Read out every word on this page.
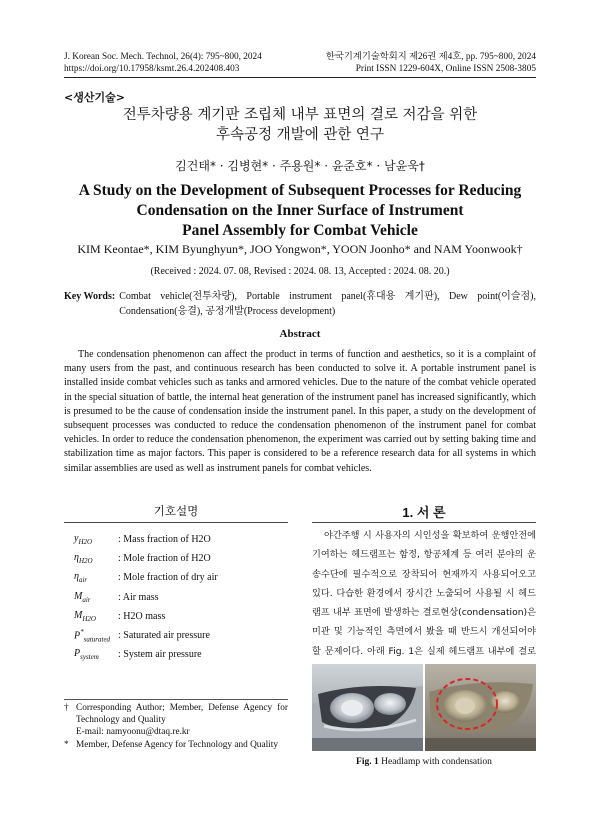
J. Korean Soc. Mech. Technol, 26(4): 795~800, 2024
https://doi.org/10.17958/ksmt.26.4.202408.403
한국기계기술학회지 제26권 제4호, pp. 795~800, 2024
Print ISSN 1229-604X, Online ISSN 2508-3805
<생산기술>
전투차량용 계기판 조립체 내부 표면의 결로 저감을 위한
후속공정 개발에 관한 연구
김건태* · 김병현* · 주용원* · 윤준호* · 남윤욱†
A Study on the Development of Subsequent Processes for Reducing
Condensation on the Inner Surface of Instrument
Panel Assembly for Combat Vehicle
KIM Keontae*, KIM Byunghyun*, JOO Yongwon*, YOON Joonho* and NAM Yoonwook†
(Received : 2024. 07. 08, Revised : 2024. 08. 13, Accepted : 2024. 08. 20.)
Key Words: Combat vehicle(전투차량), Portable instrument panel(휴대용 계기판), Dew point(이슬점), Condensation(응결), 공정개발(Process development)
Abstract
The condensation phenomenon can affect the product in terms of function and aesthetics, so it is a complaint of many users from the past, and continuous research has been conducted to solve it. A portable instrument panel is installed inside combat vehicles such as tanks and armored vehicles. Due to the nature of the combat vehicle operated in the special situation of battle, the internal heat generation of the instrument panel has increased significantly, which is presumed to be the cause of condensation inside the instrument panel. In this paper, a study on the development of subsequent processes was conducted to reduce the condensation phenomenon of the instrument panel for combat vehicles. In order to reduce the condensation phenomenon, the experiment was carried out by setting baking time and stabilization time as major factors. This paper is considered to be a reference research data for all systems in which similar assemblies are used as well as instrument panels for combat vehicles.
기호설명
$y_{H2O}$	: Mass fraction of H2O
$\eta_{H2O}$	: Mole fraction of H2O
$\eta_{air}$	: Mole fraction of dry air
$M_{air}$	: Air mass
$M_{H2O}$	: H2O mass
$P^*_{saturated}$ : Saturated air pressure
$P_{system}$	: System air pressure
† Corresponding Author; Member, Defense Agency for Technology and Quality
E-mail: namyoonu@dtaq.re.kr
* Member, Defense Agency for Technology and Quality
1. 서 론
야간주행 시 사용자의 시인성을 확보하여 운행안전에 기여하는 헤드램프는 함정, 항공체계 등 여러 분야의 운송수단에 필수적으로 장착되어 현재까지 사용되어오고 있다. 다습한 환경에서 장시간 노출되어 사용될 시 헤드램프 내부 표면에 발생하는 결로현상(condensation)은 미관 및 기능적인 측면에서 봤을 때 반드시 개선되어야 할 문제이다. 아래 Fig. 1은 실제 헤드램프 내부에 결로
Fig. 1 Headlamp with condensation
